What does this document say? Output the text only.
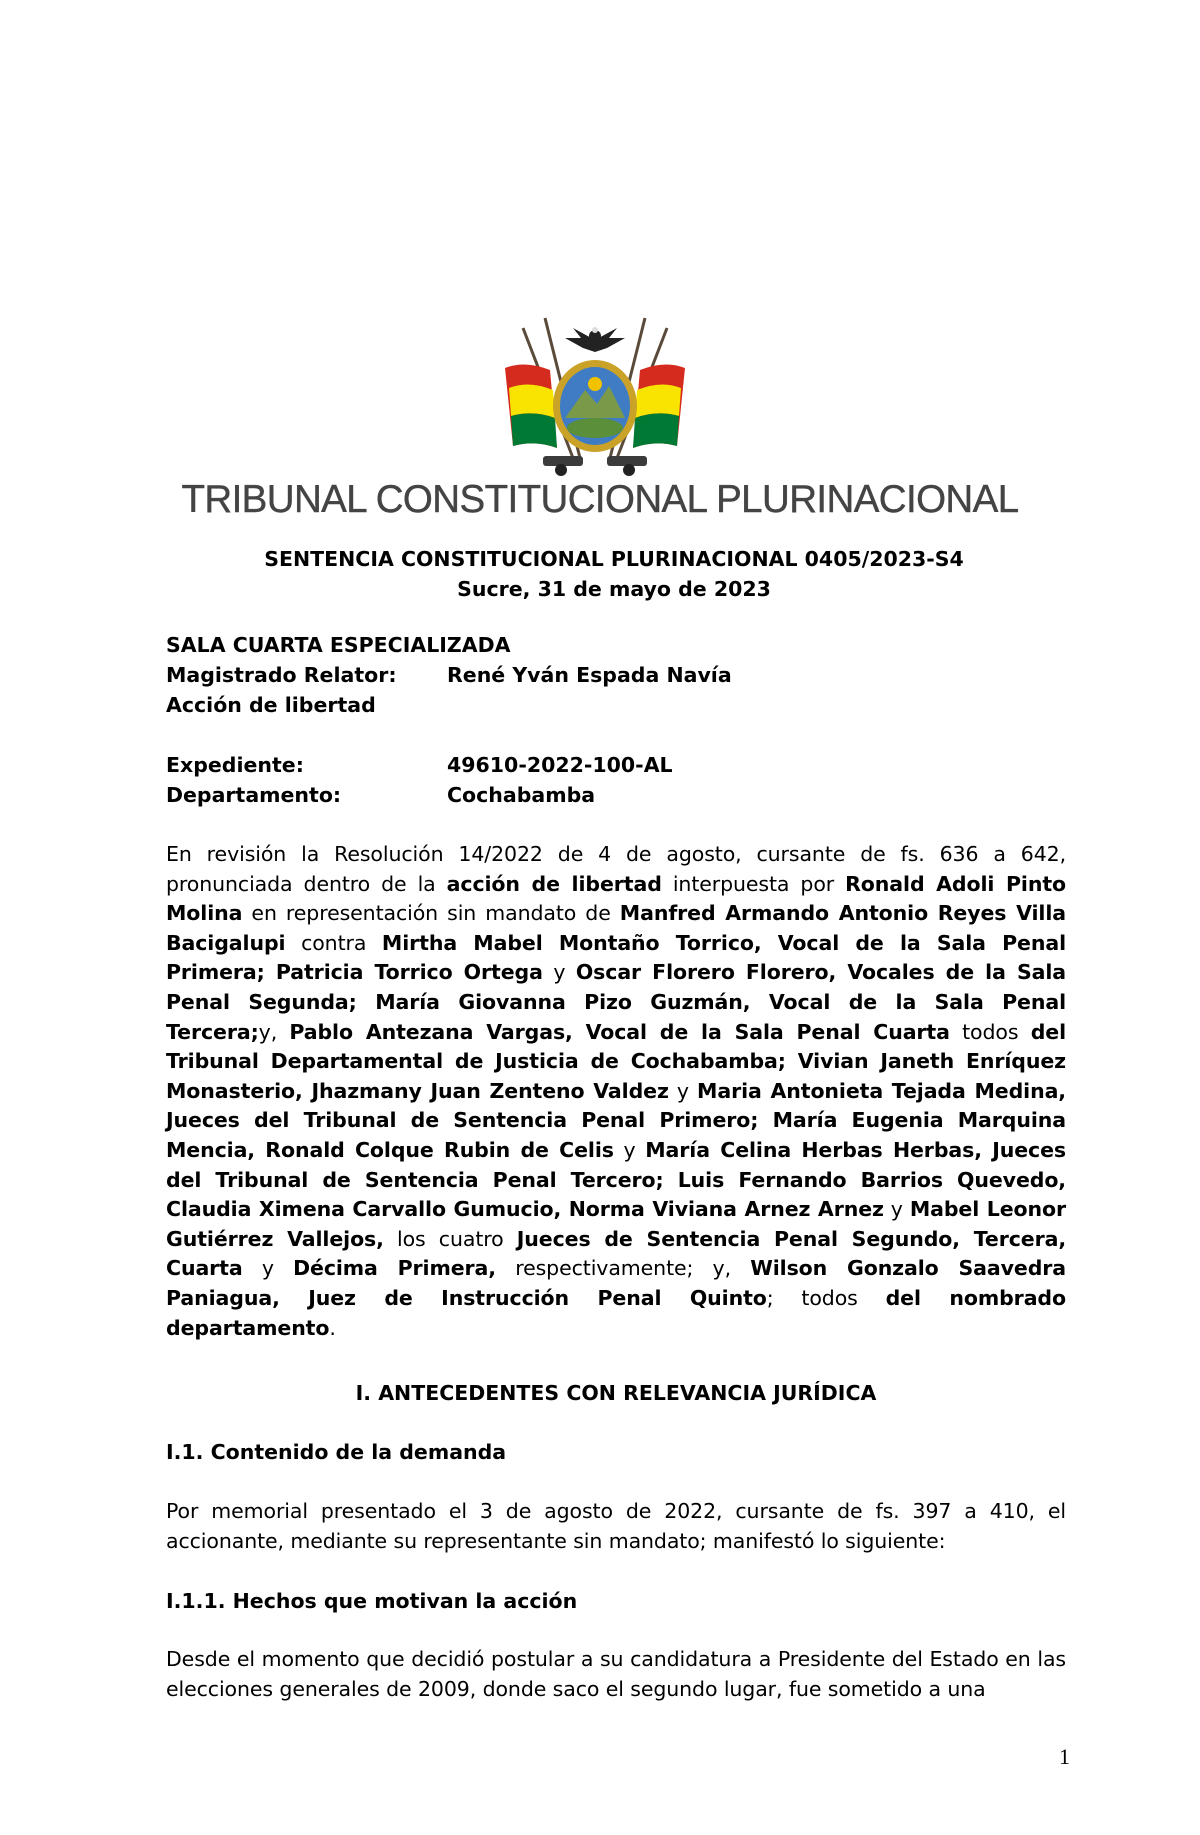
TRIBUNAL CONSTITUCIONAL PLURINACIONAL
SENTENCIA CONSTITUCIONAL PLURINACIONAL 0405/2023-S4
Sucre, 31 de mayo de 2023
SALA CUARTA ESPECIALIZADA
Magistrado Relator:	René Yván Espada Navía
Acción de libertad
Expediente:	49610-2022-100-AL
Departamento:	Cochabamba
En revisión la Resolución 14/2022 de 4 de agosto, cursante de fs. 636 a 642, pronunciada dentro de la acción de libertad interpuesta por Ronald Adoli Pinto Molina en representación sin mandato de Manfred Armando Antonio Reyes Villa Bacigalupi contra Mirtha Mabel Montaño Torrico, Vocal de la Sala Penal Primera; Patricia Torrico Ortega y Oscar Florero Florero, Vocales de la Sala Penal Segunda; María Giovanna Pizo Guzmán, Vocal de la Sala Penal Tercera;y, Pablo Antezana Vargas, Vocal de la Sala Penal Cuarta todos del Tribunal Departamental de Justicia de Cochabamba; Vivian Janeth Enríquez Monasterio, Jhazmany Juan Zenteno Valdez y Maria Antonieta Tejada Medina, Jueces del Tribunal de Sentencia Penal Primero; María Eugenia Marquina Mencia, Ronald Colque Rubin de Celis y María Celina Herbas Herbas, Jueces del Tribunal de Sentencia Penal Tercero; Luis Fernando Barrios Quevedo, Claudia Ximena Carvallo Gumucio, Norma Viviana Arnez Arnez y Mabel Leonor Gutiérrez Vallejos, los cuatro Jueces de Sentencia Penal Segundo, Tercera, Cuarta y Décima Primera, respectivamente; y, Wilson Gonzalo Saavedra Paniagua, Juez de Instrucción Penal Quinto; todos del nombrado departamento.
I. ANTECEDENTES CON RELEVANCIA JURÍDICA
I.1. Contenido de la demanda
Por memorial presentado el 3 de agosto de 2022, cursante de fs. 397 a 410, el accionante, mediante su representante sin mandato; manifestó lo siguiente:
I.1.1. Hechos que motivan la acción
Desde el momento que decidió postular a su candidatura a Presidente del Estado en las elecciones generales de 2009, donde saco el segundo lugar, fue sometido a una
1
